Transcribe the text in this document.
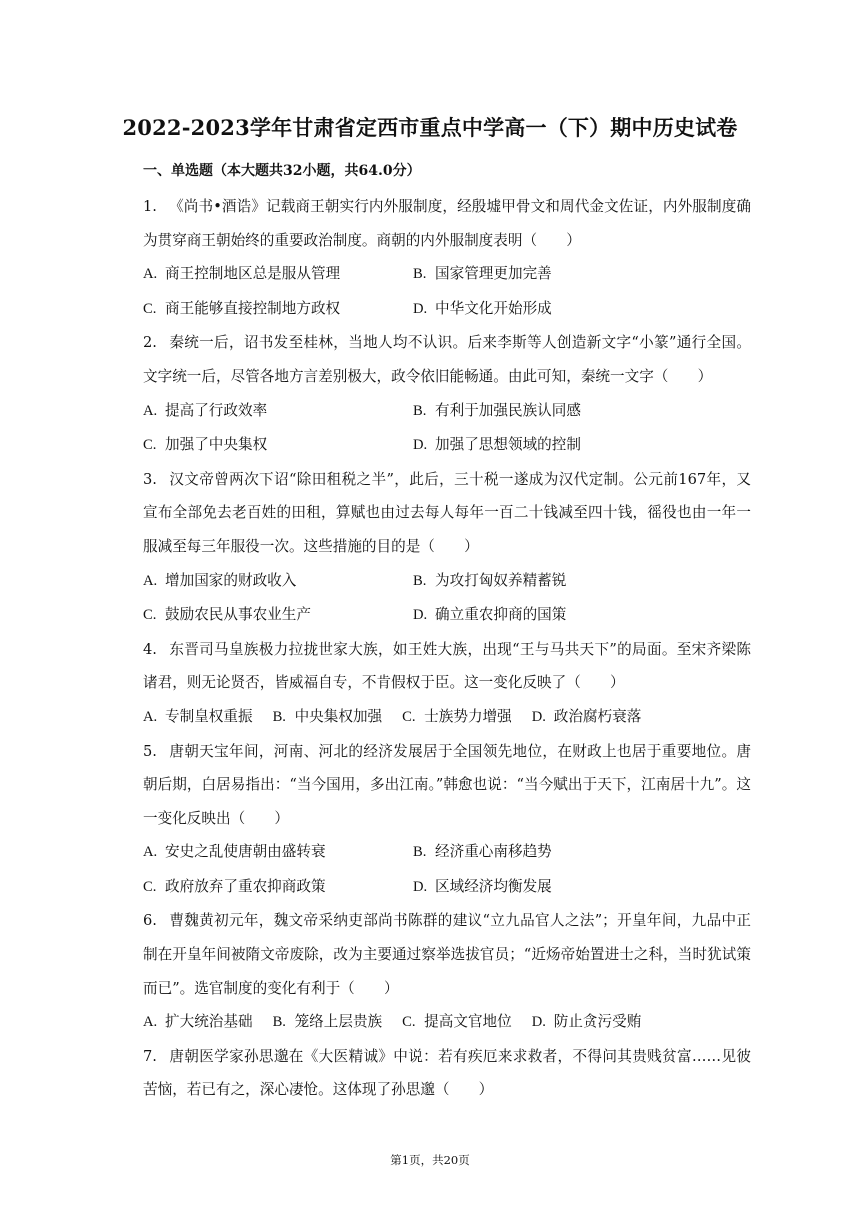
2022-2023学年甘肃省定西市重点中学高一（下）期中历史试卷
一、单选题（本大题共32小题，共64.0分）
1. 《尚书•酒诰》记载商王朝实行内外服制度，经殷墟甲骨文和周代金文佐证，内外服制度确为贯穿商王朝始终的重要政治制度。商朝的内外服制度表明（　　）
A. 商王控制地区总是服从管理	B. 国家管理更加完善
C. 商王能够直接控制地方政权	D. 中华文化开始形成
2. 秦统一后，诏书发至桂林，当地人均不认识。后来李斯等人创造新文字“小篆”通行全国。文字统一后，尽管各地方言差别极大，政令依旧能畅通。由此可知，秦统一文字（　　）
A. 提高了行政效率	B. 有利于加强民族认同感
C. 加强了中央集权	D. 加强了思想领域的控制
3. 汉文帝曾两次下诏“除田租税之半”，此后，三十税一遂成为汉代定制。公元前167年，又宣布全部免去老百姓的田租，算赋也由过去每人每年一百二十钱减至四十钱，徭役也由一年一服减至每三年服役一次。这些措施的目的是（　　）
A. 增加国家的财政收入	B. 为攻打匈奴养精蓄锐
C. 鼓励农民从事农业生产	D. 确立重农抑商的国策
4. 东晋司马皇族极力拉拢世家大族，如王姓大族，出现“王与马共天下”的局面。至宋齐梁陈诸君，则无论贤否，皆威福自专，不肯假权于臣。这一变化反映了（　　）
A. 专制皇权重振 B. 中央集权加强 C. 士族势力增强 D. 政治腐朽衰落
5. 唐朝天宝年间，河南、河北的经济发展居于全国领先地位，在财政上也居于重要地位。唐朝后期，白居易指出：“当今国用，多出江南。”韩愈也说：“当今赋出于天下，江南居十九”。这一变化反映出（　　）
A. 安史之乱使唐朝由盛转衰	B. 经济重心南移趋势
C. 政府放弃了重农抑商政策	D. 区域经济均衡发展
6. 曹魏黄初元年，魏文帝采纳吏部尚书陈群的建议“立九品官人之法”；开皇年间，九品中正制在开皇年间被隋文帝废除，改为主要通过察举选拔官员；“近炀帝始置进士之科，当时犹试策而已”。选官制度的变化有利于（　　）
A. 扩大统治基础 B. 笼络上层贵族 C. 提高文官地位 D. 防止贪污受贿
7. 唐朝医学家孙思邈在《大医精诚》中说：若有疾厄来求救者，不得问其贵贱贫富……见彼苦恼，若已有之，深心凄怆。这体现了孙思邈（　　）
第1页，共20页
